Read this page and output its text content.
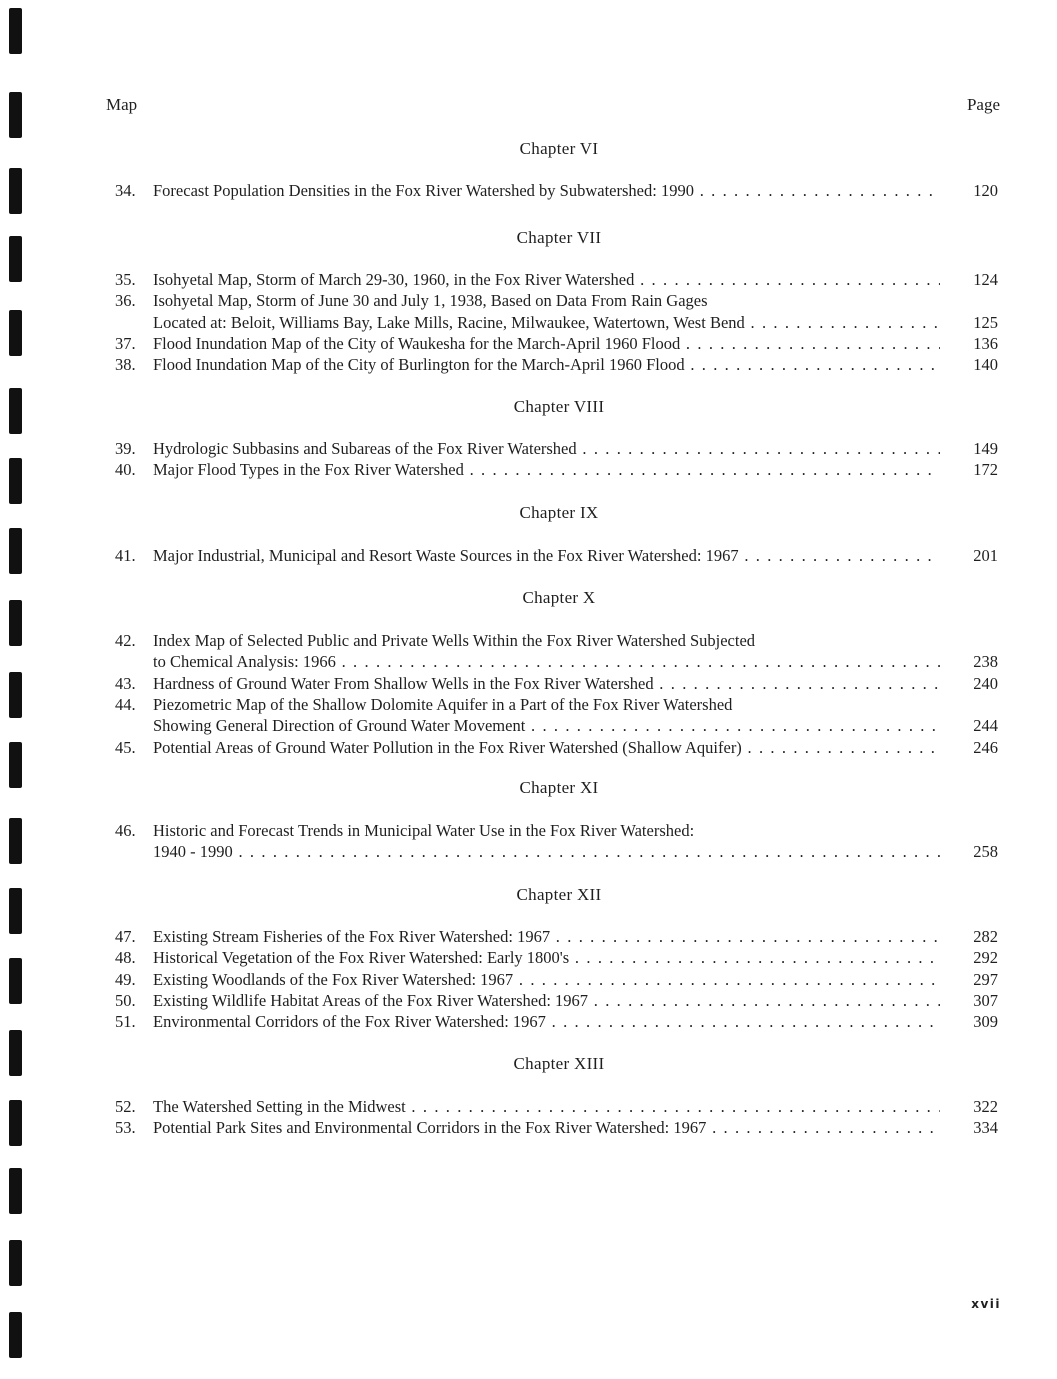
Map	Page
Chapter VI
34.	Forecast Population Densities in the Fox River Watershed by Subwatershed: 1990 . . .	120
Chapter VII
35.	Isohyetal Map, Storm of March 29-30, 1960, in the Fox River Watershed . . .	124
36.	Isohyetal Map, Storm of June 30 and July 1, 1938, Based on Data From Rain Gages
Located at: Beloit, Williams Bay, Lake Mills, Racine, Milwaukee, Watertown, West Bend . . .	125
37.	Flood Inundation Map of the City of Waukesha for the March-April 1960 Flood . . .	136
38.	Flood Inundation Map of the City of Burlington for the March-April 1960 Flood . . .	140
Chapter VIII
39.	Hydrologic Subbasins and Subareas of the Fox River Watershed . . .	149
40.	Major Flood Types in the Fox River Watershed . . .	172
Chapter IX
41.	Major Industrial, Municipal and Resort Waste Sources in the Fox River Watershed: 1967 . . .	201
Chapter X
42.	Index Map of Selected Public and Private Wells Within the Fox River Watershed Subjected
to Chemical Analysis: 1966 . . .	238
43.	Hardness of Ground Water From Shallow Wells in the Fox River Watershed . . .	240
44.	Piezometric Map of the Shallow Dolomite Aquifer in a Part of the Fox River Watershed
Showing General Direction of Ground Water Movement . . .	244
45.	Potential Areas of Ground Water Pollution in the Fox River Watershed (Shallow Aquifer) . . .	246
Chapter XI
46.	Historic and Forecast Trends in Municipal Water Use in the Fox River Watershed:
1940 - 1990 . . .	258
Chapter XII
47.	Existing Stream Fisheries of the Fox River Watershed: 1967 . . .	282
48.	Historical Vegetation of the Fox River Watershed: Early 1800's . . .	292
49.	Existing Woodlands of the Fox River Watershed: 1967 . . .	297
50.	Existing Wildlife Habitat Areas of the Fox River Watershed: 1967 . . .	307
51.	Environmental Corridors of the Fox River Watershed: 1967 . . .	309
Chapter XIII
52.	The Watershed Setting in the Midwest . . .	322
53.	Potential Park Sites and Environmental Corridors in the Fox River Watershed: 1967 . . .	334
xvii
